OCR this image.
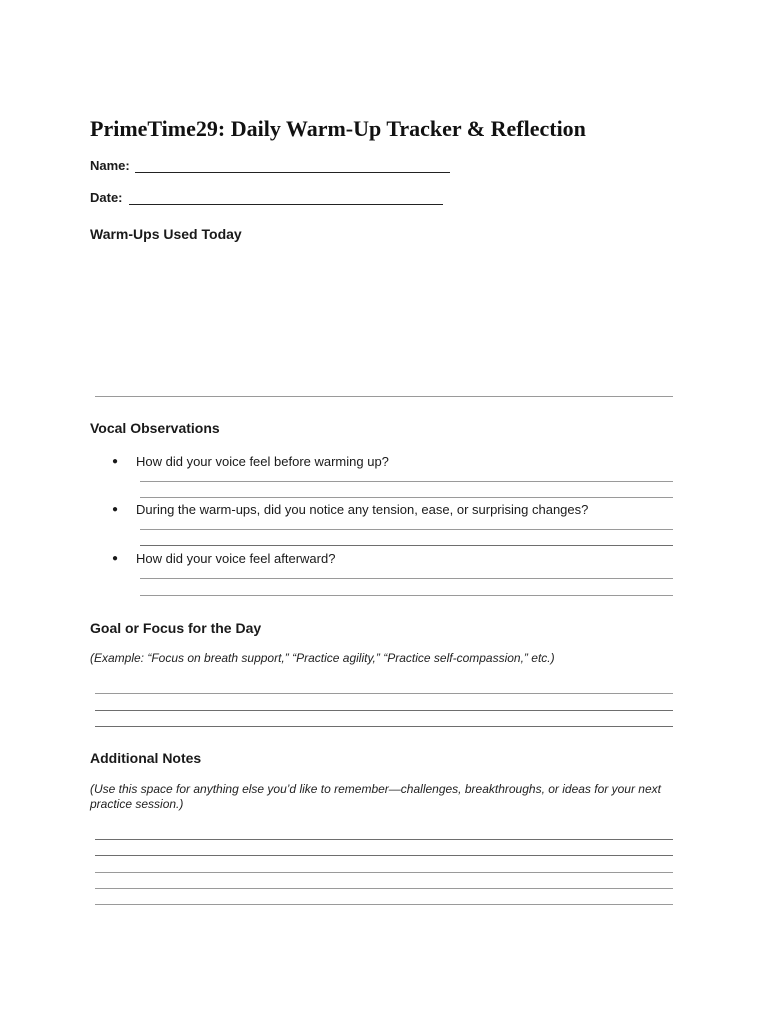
PrimeTime29: Daily Warm-Up Tracker & Reflection
Name:
Date:
Warm-Ups Used Today
Vocal Observations
● How did your voice feel before warming up?
● During the warm-ups, did you notice any tension, ease, or surprising changes?
● How did your voice feel afterward?
Goal or Focus for the Day
(Example: “Focus on breath support,” “Practice agility,” “Practice self-compassion,” etc.)
Additional Notes
(Use this space for anything else you’d like to remember—challenges, breakthroughs, or ideas for your next practice session.)
